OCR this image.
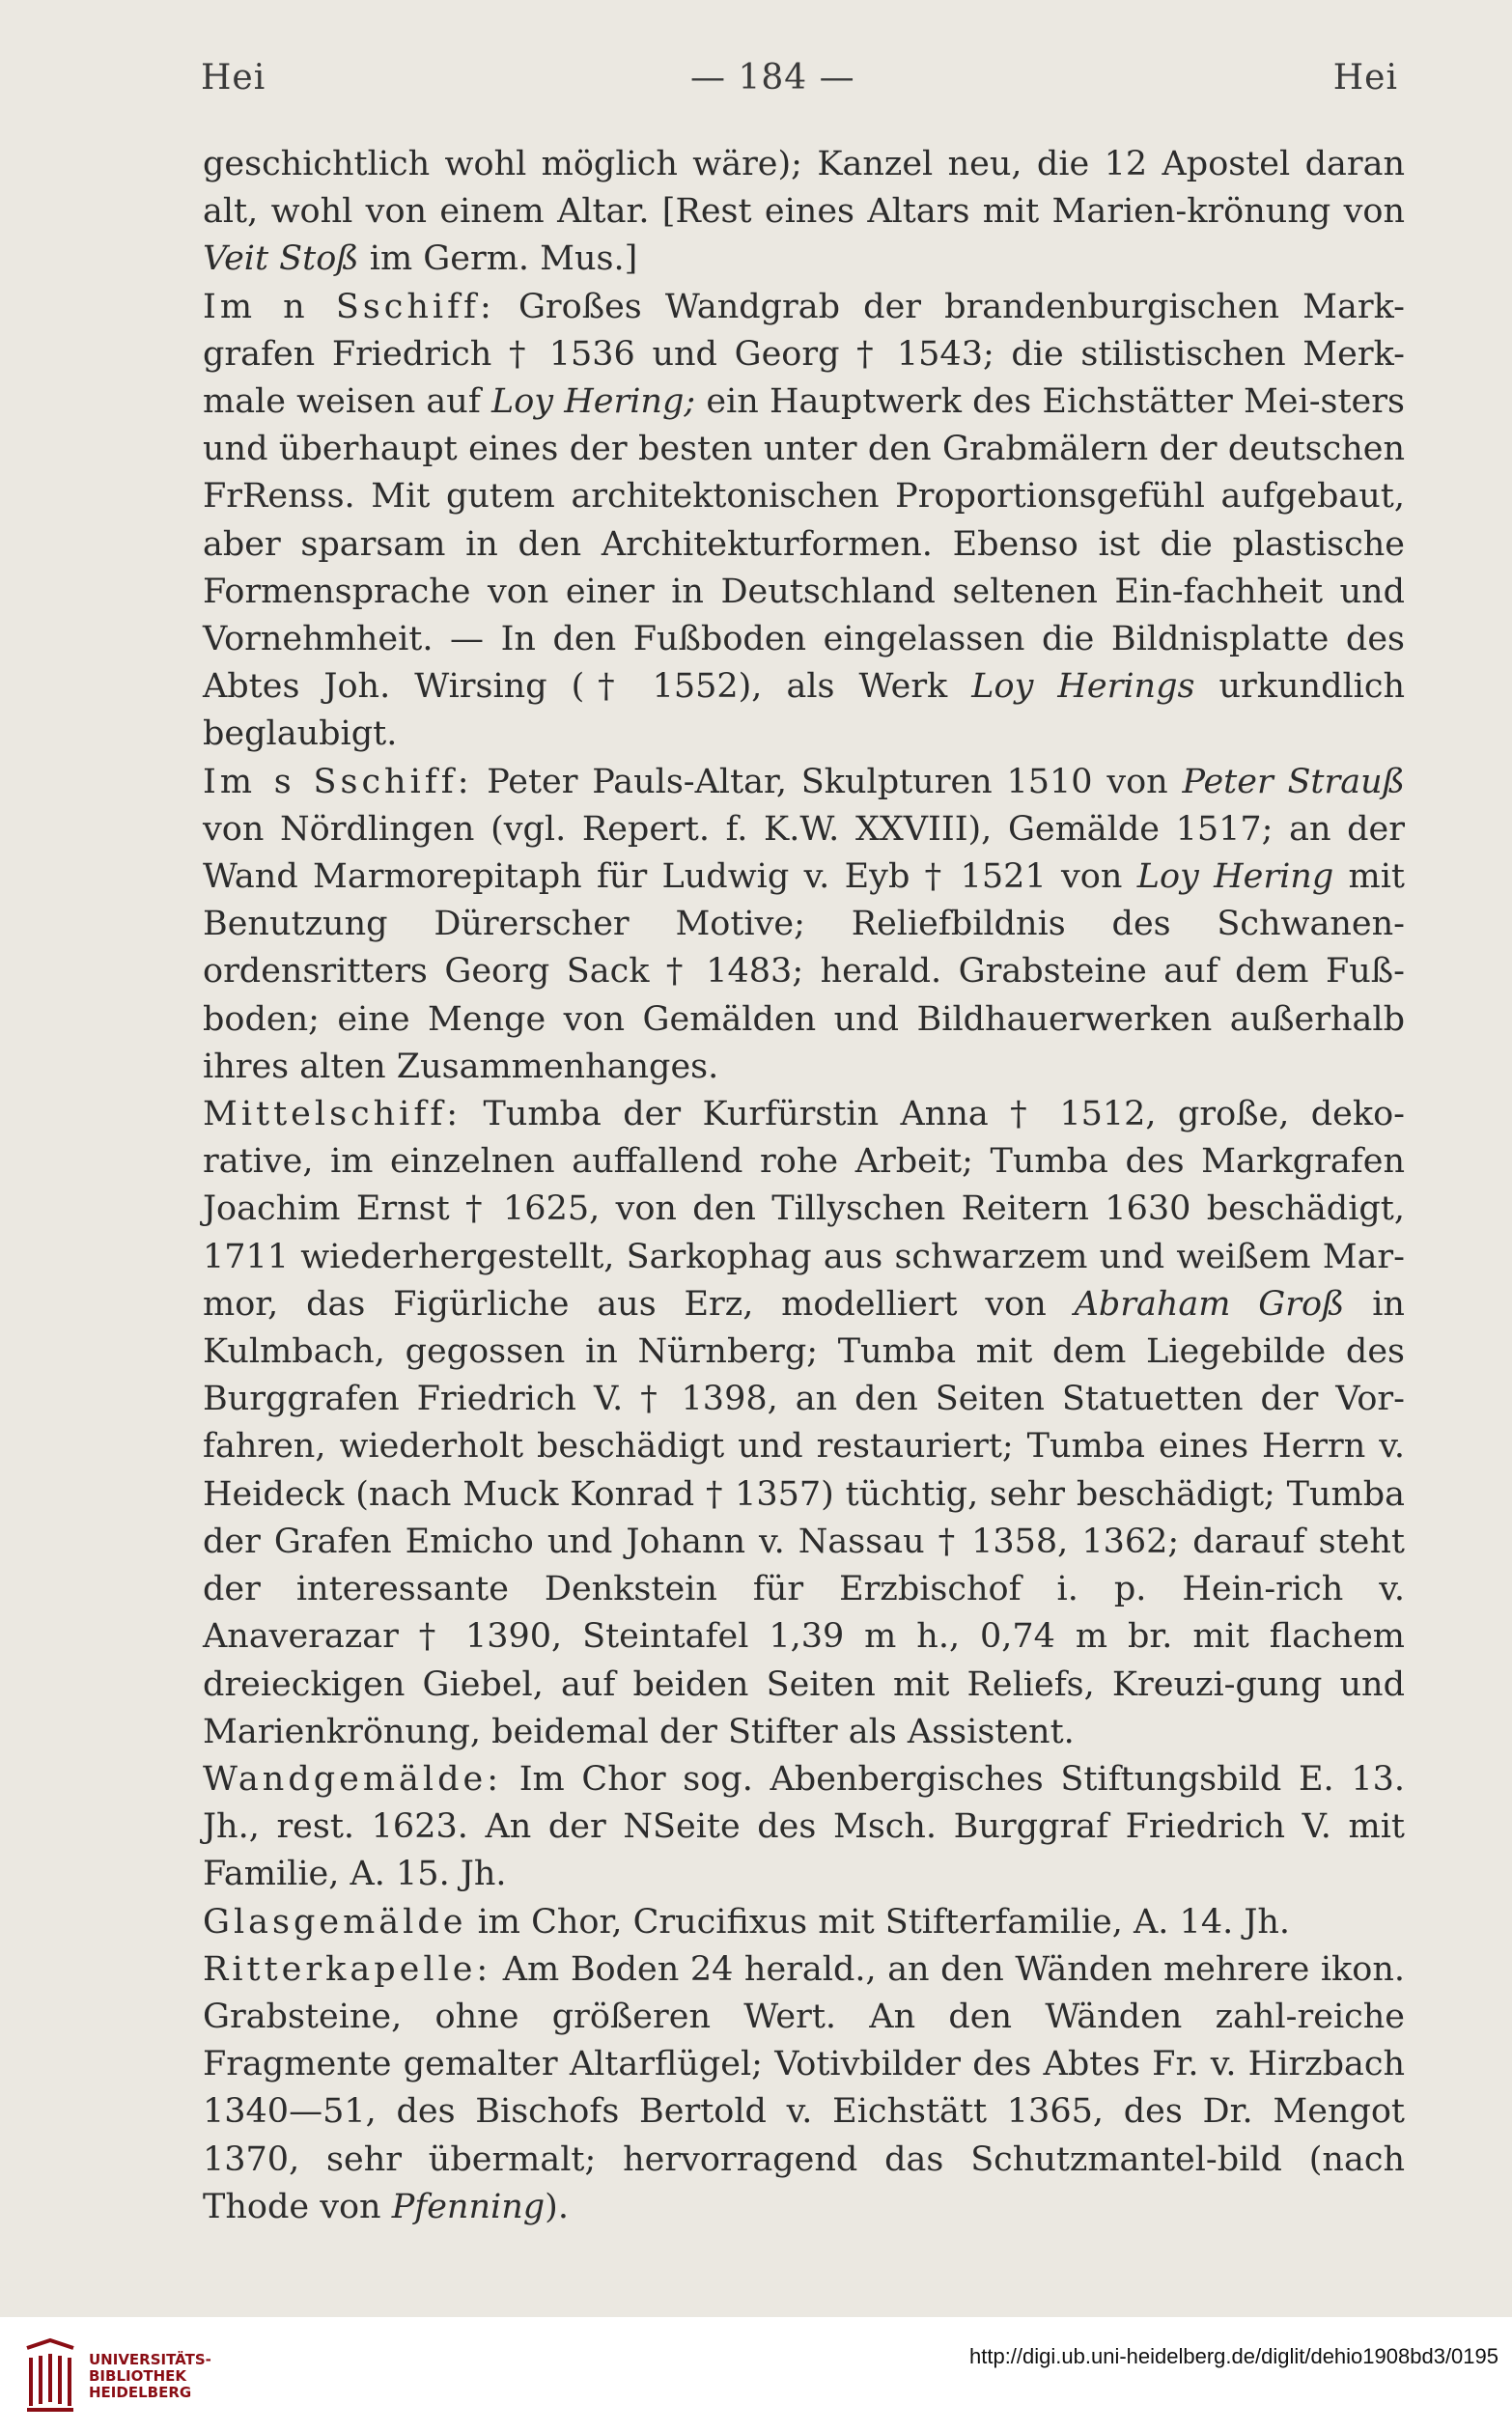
Hei	— 184 —	Hei

geschichtlich wohl möglich wäre); Kanzel neu, die 12 Apostel daran alt, wohl von einem Altar. [Rest eines Altars mit Marien-krönung von Veit Stoß im Germ. Mus.]

Im n Sschiff: Großes Wandgrab der brandenburgischen Mark-grafen Friedrich † 1536 und Georg † 1543; die stilistischen Merk-male weisen auf Loy Hering; ein Hauptwerk des Eichstätter Mei-sters und überhaupt eines der besten unter den Grabmälern der deutschen FrRenss. Mit gutem architektonischen Proportionsgefühl aufgebaut, aber sparsam in den Architekturformen. Ebenso ist die plastische Formensprache von einer in Deutschland seltenen Ein-fachheit und Vornehmheit. — In den Fußboden eingelassen die Bildnisplatte des Abtes Joh. Wirsing († 1552), als Werk Loy Herings urkundlich beglaubigt.

Im s Sschiff: Peter Pauls-Altar, Skulpturen 1510 von Peter Strauß von Nördlingen (vgl. Repert. f. K.W. XXVIII), Gemälde 1517; an der Wand Marmorepitaph für Ludwig v. Eyb † 1521 von Loy Hering mit Benutzung Dürerscher Motive; Reliefbildnis des Schwanen-ordensritters Georg Sack † 1483; herald. Grabsteine auf dem Fuß-boden; eine Menge von Gemälden und Bildhauerwerken außerhalb ihres alten Zusammenhanges.

Mittelschiff: Tumba der Kurfürstin Anna † 1512, große, deko-rative, im einzelnen auffallend rohe Arbeit; Tumba des Markgrafen Joachim Ernst † 1625, von den Tillyschen Reitern 1630 beschädigt, 1711 wiederhergestellt, Sarkophag aus schwarzem und weißem Mar-mor, das Figürliche aus Erz, modelliert von Abraham Groß in Kulmbach, gegossen in Nürnberg; Tumba mit dem Liegebilde des Burggrafen Friedrich V. † 1398, an den Seiten Statuetten der Vor-fahren, wiederholt beschädigt und restauriert; Tumba eines Herrn v. Heideck (nach Muck Konrad † 1357) tüchtig, sehr beschädigt; Tumba der Grafen Emicho und Johann v. Nassau † 1358, 1362; darauf steht der interessante Denkstein für Erzbischof i. p. Hein-rich v. Anaverazar † 1390, Steintafel 1,39 m h., 0,74 m br. mit flachem dreieckigen Giebel, auf beiden Seiten mit Reliefs, Kreuzi-gung und Marienkrönung, beidemal der Stifter als Assistent.

Wandgemälde: Im Chor sog. Abenbergisches Stiftungsbild E. 13. Jh., rest. 1623. An der NSeite des Msch. Burggraf Friedrich V. mit Familie, A. 15. Jh.

Glasgemälde im Chor, Crucifixus mit Stifterfamilie, A. 14. Jh.

Ritterkapelle: Am Boden 24 herald., an den Wänden mehrere ikon. Grabsteine, ohne größeren Wert. An den Wänden zahl-reiche Fragmente gemalter Altarflügel; Votivbilder des Abtes Fr. v. Hirzbach 1340—51, des Bischofs Bertold v. Eichstätt 1365, des Dr. Mengot 1370, sehr übermalt; hervorragend das Schutzmantel-bild (nach Thode von Pfenning).

UNIVERSITÄTS-
BIBLIOTHEK
HEIDELBERG
http://digi.ub.uni-heidelberg.de/diglit/dehio1908bd3/0195
